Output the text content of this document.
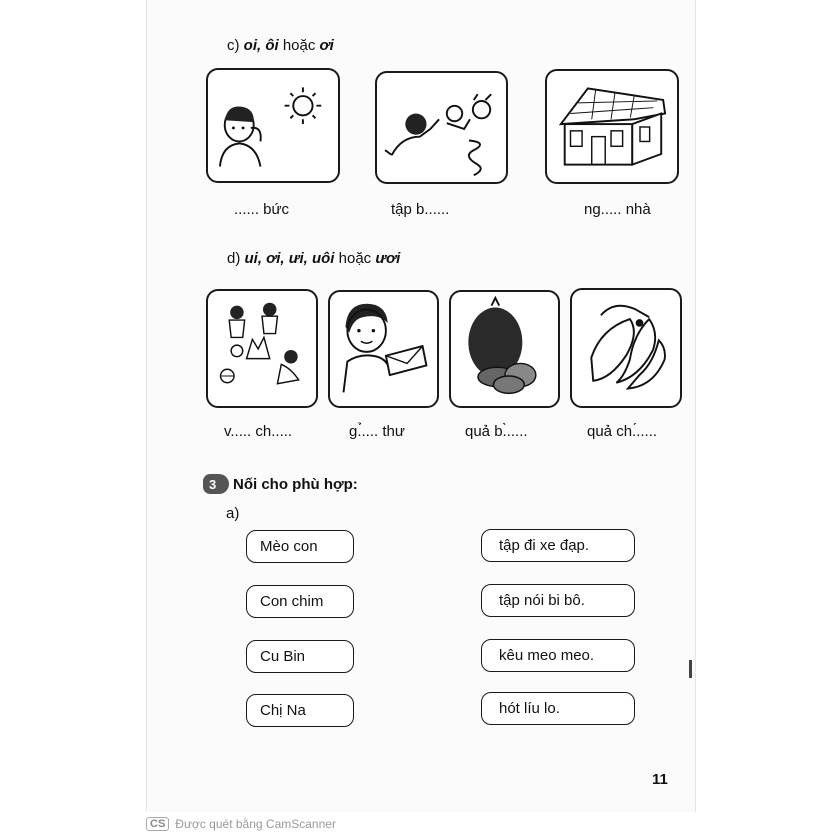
c) oi, ôi hoặc ơi
...... bức	tập b......	ng..... nhà
d) ui, ơi, ưi, uôi hoặc ươi
v..... ch.....	g.̉.... thư	quả b.̀.....	quả ch.́.....
3	Nối cho phù hợp:
a)
Mèo con
Con chim
Cu Bin
Chị Na
tập đi xe đạp.
tập nói bi bô.
kêu meo meo.
hót líu lo.
11
CS Được quét bằng CamScanner
